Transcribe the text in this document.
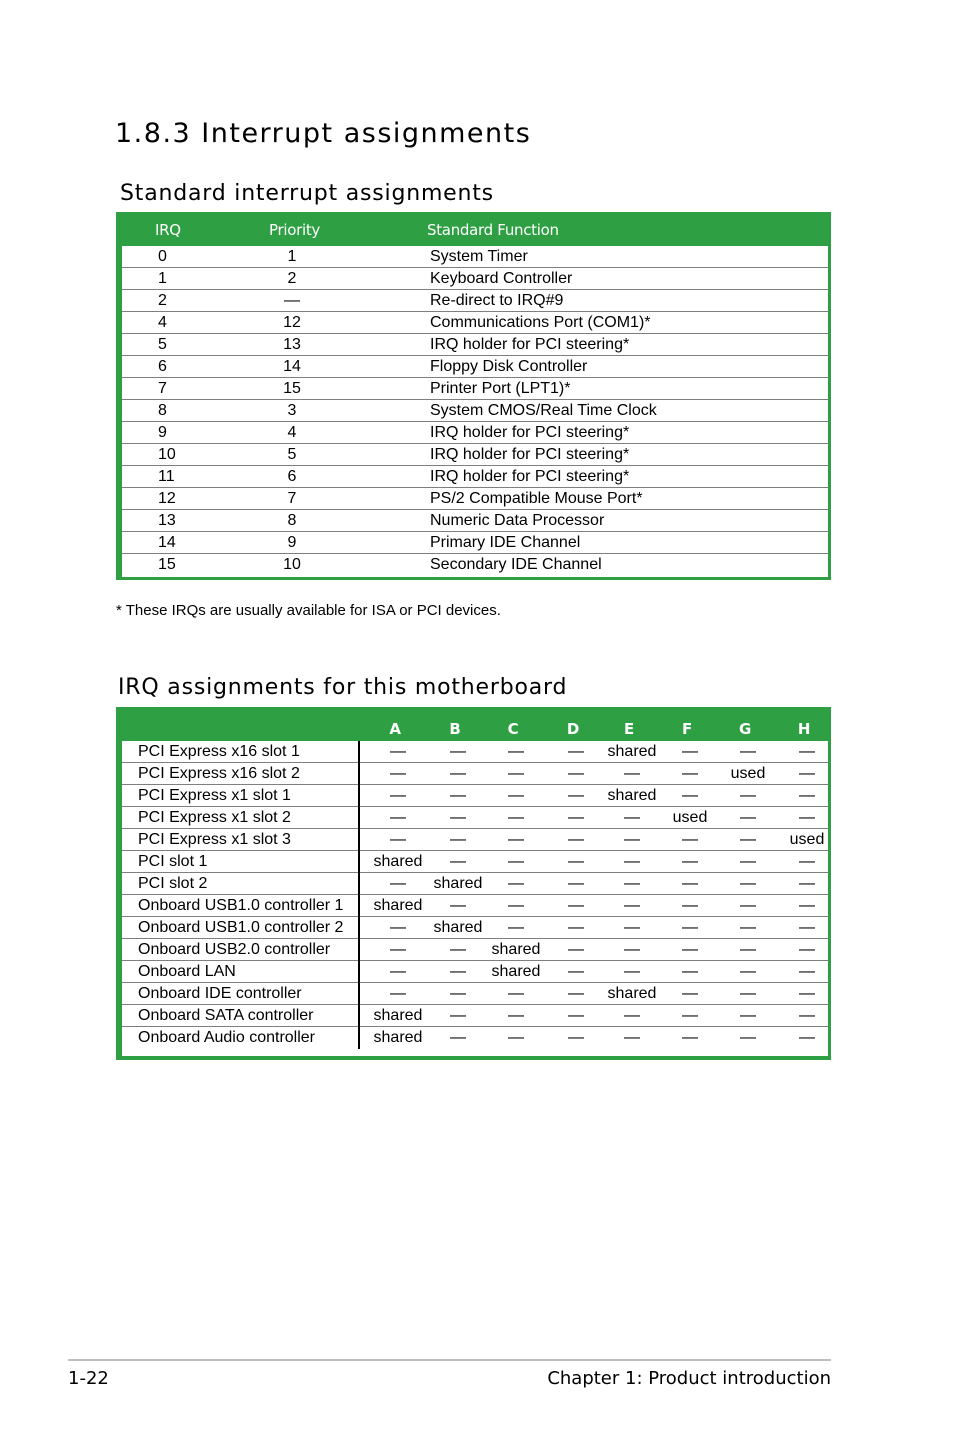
1.8.3 Interrupt assignments
Standard interrupt assignments
IRQ	Priority	Standard Function
0	1	System Timer
1	2	Keyboard Controller
2	—	Re-direct to IRQ#9
4	12	Communications Port (COM1)*
5	13	IRQ holder for PCI steering*
6	14	Floppy Disk Controller
7	15	Printer Port (LPT1)*
8	3	System CMOS/Real Time Clock
9	4	IRQ holder for PCI steering*
10	5	IRQ holder for PCI steering*
11	6	IRQ holder for PCI steering*
12	7	PS/2 Compatible Mouse Port*
13	8	Numeric Data Processor
14	9	Primary IDE Channel
15	10	Secondary IDE Channel
* These IRQs are usually available for ISA or PCI devices.
IRQ assignments for this motherboard
A	B	C	D	E	F	G	H
PCI Express x16 slot 1	—	—	—	—	shared	—	—	—
PCI Express x16 slot 2	—	—	—	—	—	—	used	—
PCI Express x1 slot 1	—	—	—	—	shared	—	—	—
PCI Express x1 slot 2	—	—	—	—	—	used	—	—
PCI Express x1 slot 3	—	—	—	—	—	—	—	used
PCI slot 1	shared	—	—	—	—	—	—	—
PCI slot 2	—	shared	—	—	—	—	—	—
Onboard USB1.0 controller 1	shared	—	—	—	—	—	—	—
Onboard USB1.0 controller 2	—	shared	—	—	—	—	—	—
Onboard USB2.0 controller	—	—	shared	—	—	—	—	—
Onboard LAN	—	—	shared	—	—	—	—	—
Onboard IDE controller	—	—	—	—	shared	—	—	—
Onboard SATA controller	shared	—	—	—	—	—	—	—
Onboard Audio controller	shared	—	—	—	—	—	—	—
1-22	Chapter 1: Product introduction
